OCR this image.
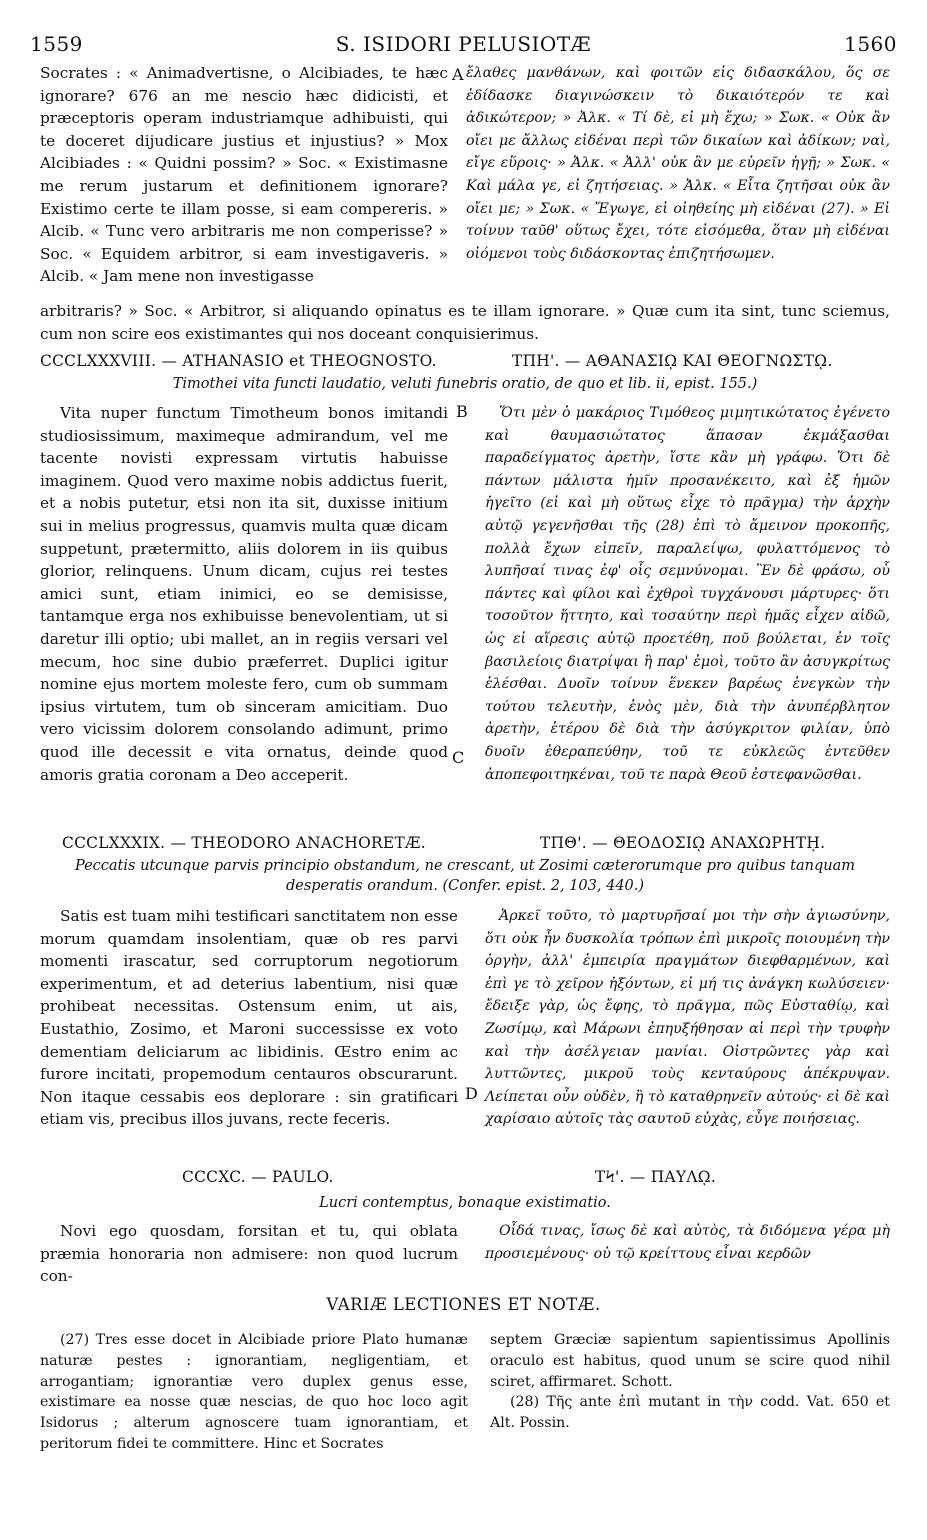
1559	S. ISIDORI PELUSIOTÆ	1560

Socrates : « Animadvertisne, o Alcibiades, te hæc ignorare? 676 an me nescio hæc didicisti, et præceptoris operam industriamque adhibuisti, qui te doceret dijudicare justius et injustius? » Mox Alcibiades : « Quidni possim? » Soc. « Existimasne me rerum justarum et definitionem ignorare? Existimo certe te illam posse, si eam compereris. » Alcib. « Tunc vero arbitraris me non comperisse? » Soc. « Equidem arbitror, si eam investigaveris. » Alcib. « Jam mene non investigasse

A ἔλαθες μανθάνων, καὶ φοιτῶν εἰς διδασκάλου, ὅς σε ἐδίδασκε διαγινώσκειν τὸ δικαιότερόν τε καὶ ἀδικώτερον; » Ἀλκ. « Τί δὲ, εἰ μὴ ἔχω; » Σωκ. « Οὐκ ἂν οἴει με ἄλλως εἰδέναι περὶ τῶν δικαίων καὶ ἀδίκων; ναὶ, εἴγε εὕροις· » Ἀλκ. « Ἀλλ' οὐκ ἂν με εὑρεῖν ἡγῇ; » Σωκ. « Καὶ μάλα γε, εἰ ζητήσειας. » Ἀλκ. « Εἶτα ζητῆσαι οὐκ ἂν οἴει με; » Σωκ. « Ἔγωγε, εἰ οἰηθείης μὴ εἰδέναι (27). » Εἰ τοίνυν ταῦθ' οὕτως ἔχει, τότε εἰσόμεθα, ὅταν μὴ εἰδέναι οἰόμενοι τοὺς διδάσκοντας ἐπιζητήσωμεν.

arbitraris? » Soc. « Arbitror, si aliquando opinatus es te illam ignorare. » Quæ cum ita sint, tunc sciemus, cum non scire eos existimantes qui nos doceant conquisierimus.

CCCLXXXVIII. — ATHANASIO et THEOGNOSTO.	ΤΠΗ'. — ΑΘΑΝΑΣΙῼ ΚΑΙ ΘΕΟΓΝΩΣΤῼ.
Timothei vita functi laudatio, veluti funebris oratio, de quo et lib. ii, epist. 155.)

Vita nuper functum Timotheum bonos imitandi studiosissimum, maximeque admirandum, vel me tacente novisti expressam virtutis habuisse imaginem. Quod vero maxime nobis addictus fuerit, et a nobis putetur, etsi non ita sit, duxisse initium sui in melius progressus, quamvis multa quæ dicam suppetunt, prætermitto, aliis dolorem in iis quibus glorior, relinquens. Unum dicam, cujus rei testes amici sunt, etiam inimici, eo se demisisse, tantamque erga nos exhibuisse benevolentiam, ut si daretur illi optio; ubi mallet, an in regiis versari vel mecum, hoc sine dubio præferret. Duplici igitur nomine ejus mortem moleste fero, cum ob summam ipsius virtutem, tum ob sinceram amicitiam. Duo vero vicissim dolorem consolando adimunt, primo quod ille decessit e vita ornatus, deinde quod amoris gratia coronam a Deo acceperit.

B
C

Ὅτι μὲν ὁ μακάριος Τιμόθεος μιμητικώτατος ἐγένετο καὶ θαυμασιώτατος ἅπασαν ἐκμάξασθαι παραδείγματος ἀρετὴν, ἴστε κἂν μὴ γράφω. Ὅτι δὲ πάντων μάλιστα ἡμῖν προσανέκειτο, καὶ ἐξ ἡμῶν ἡγεῖτο (εἰ καὶ μὴ οὕτως εἶχε τὸ πρᾶγμα) τὴν ἀρχὴν αὐτῷ γεγενῆσθαι τῆς (28) ἐπὶ τὸ ἄμεινον προκοπῆς, πολλὰ ἔχων εἰπεῖν, παραλείψω, φυλαττόμενος τὸ λυπῆσαί τινας ἐφ' οἷς σεμνύνομαι. Ἓν δὲ φράσω, οὗ πάντες καὶ φίλοι καὶ ἐχθροὶ τυγχάνουσι μάρτυρες· ὅτι τοσοῦτον ἥττητο, καὶ τοσαύτην περὶ ἡμᾶς εἶχεν αἰδῶ, ὡς εἰ αἵρεσις αὐτῷ προετέθη, ποῦ βούλεται, ἐν τοῖς βασιλείοις διατρίψαι ἢ παρ' ἐμοὶ, τοῦτο ἂν ἀσυγκρίτως ἑλέσθαι. Δυοῖν τοίνυν ἕνεκεν βαρέως ἐνεγκὼν τὴν τούτου τελευτὴν, ἑνὸς μὲν, διὰ τὴν ἀνυπέρβλητον ἀρετὴν, ἑτέρου δὲ διὰ τὴν ἀσύγκριτον φιλίαν, ὑπὸ δυοῖν ἐθεραπεύθην, τοῦ τε εὐκλεῶς ἐντεῦθεν ἀποπεφοιτηκέναι, τοῦ τε παρὰ Θεοῦ ἐστεφανῶσθαι.

CCCLXXXIX. — THEODORO ANACHORETÆ.	ΤΠΘ'. — ΘΕΟΔΟΣΙῼ ΑΝΑΧΩΡΗΤῌ.
Peccatis utcunque parvis principio obstandum, ne crescant, ut Zosimi cæterorumque pro quibus tanquam desperatis orandum. (Confer. epist. 2, 103, 440.)

Satis est tuam mihi testificari sanctitatem non esse morum quamdam insolentiam, quæ ob res parvi momenti irascatur, sed corruptorum negotiorum experimentum, et ad deterius labentium, nisi quæ prohibeat necessitas. Ostensum enim, ut ais, Eustathio, Zosimo, et Maroni successisse ex voto dementiam deliciarum ac libidinis. Œstro enim ac furore incitati, propemodum centauros obscurarunt. Non itaque cessabis eos deplorare : sin gratificari etiam vis, precibus illos juvans, recte feceris.

D

Ἀρκεῖ τοῦτο, τὸ μαρτυρῆσαί μοι τὴν σὴν ἁγιωσύνην, ὅτι οὐκ ἦν δυσκολία τρόπων ἐπὶ μικροῖς ποιουμένη τὴν ὀργὴν, ἀλλ' ἐμπειρία πραγμάτων διεφθαρμένων, καὶ ἐπὶ γε τὸ χεῖρον ἠξόντων, εἰ μή τις ἀνάγκη κωλύσειεν· ἔδειξε γὰρ, ὡς ἔφης, τὸ πρᾶγμα, πῶς Εὐσταθίῳ, καὶ Ζωσίμῳ, καὶ Μάρωνι ἐπηυξήθησαν αἱ περὶ τὴν τρυφὴν καὶ τὴν ἀσέλγειαν μανίαι. Οἰστρῶντες γὰρ καὶ λυττῶντες, μικροῦ τοὺς κενταύρους ἀπέκρυψαν. Λείπεται οὖν οὐδὲν, ἢ τὸ καταθρηνεῖν αὐτούς· εἰ δὲ καὶ χαρίσαιο αὐτοῖς τὰς σαυτοῦ εὐχὰς, εὖγε ποιήσειας.

CCCXC. — PAULO.	ΤϞ'. — ΠΑΥΛῼ.
Lucri contemptus, bonaque existimatio.

Novi ego quosdam, forsitan et tu, qui oblata præmia honoraria non admisere: non quod lucrum con-

Οἶδά τινας, ἴσως δὲ καὶ αὐτὸς, τὰ διδόμενα γέρα μὴ προσιεμένους· οὐ τῷ κρείττους εἶναι κερδῶν

VARIÆ LECTIONES ET NOTÆ.

(27) Tres esse docet in Alcibiade priore Plato humanæ naturæ pestes : ignorantiam, negligentiam, et arrogantiam; ignorantiæ vero duplex genus esse, existimare ea nosse quæ nescias, de quo hoc loco agit Isidorus ; alterum agnoscere tuam ignorantiam, et peritorum fidei te committere. Hinc et Socrates

septem Græciæ sapientum sapientissimus Apollinis oraculo est habitus, quod unum se scire quod nihil sciret, affirmaret. Schott.

(28) Τῆς ante ἐπὶ mutant in τὴν codd. Vat. 650 et Alt. Possin.
